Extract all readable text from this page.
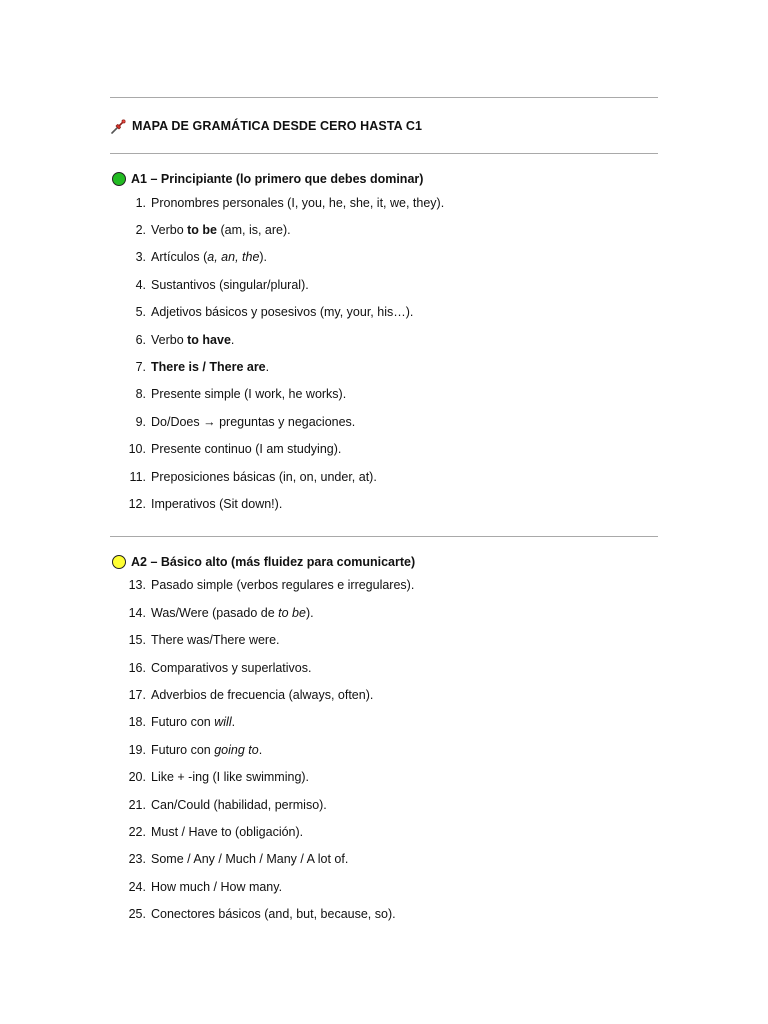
MAPA DE GRAMÁTICA DESDE CERO HASTA C1
A1 – Principiante (lo primero que debes dominar)
1. Pronombres personales (I, you, he, she, it, we, they).
2. Verbo to be (am, is, are).
3. Artículos (a, an, the).
4. Sustantivos (singular/plural).
5. Adjetivos básicos y posesivos (my, your, his…).
6. Verbo to have.
7. There is / There are.
8. Presente simple (I work, he works).
9. Do/Does → preguntas y negaciones.
10. Presente continuo (I am studying).
11. Preposiciones básicas (in, on, under, at).
12. Imperativos (Sit down!).
A2 – Básico alto (más fluidez para comunicarte)
13. Pasado simple (verbos regulares e irregulares).
14. Was/Were (pasado de to be).
15. There was/There were.
16. Comparativos y superlativos.
17. Adverbios de frecuencia (always, often).
18. Futuro con will.
19. Futuro con going to.
20. Like + -ing (I like swimming).
21. Can/Could (habilidad, permiso).
22. Must / Have to (obligación).
23. Some / Any / Much / Many / A lot of.
24. How much / How many.
25. Conectores básicos (and, but, because, so).
